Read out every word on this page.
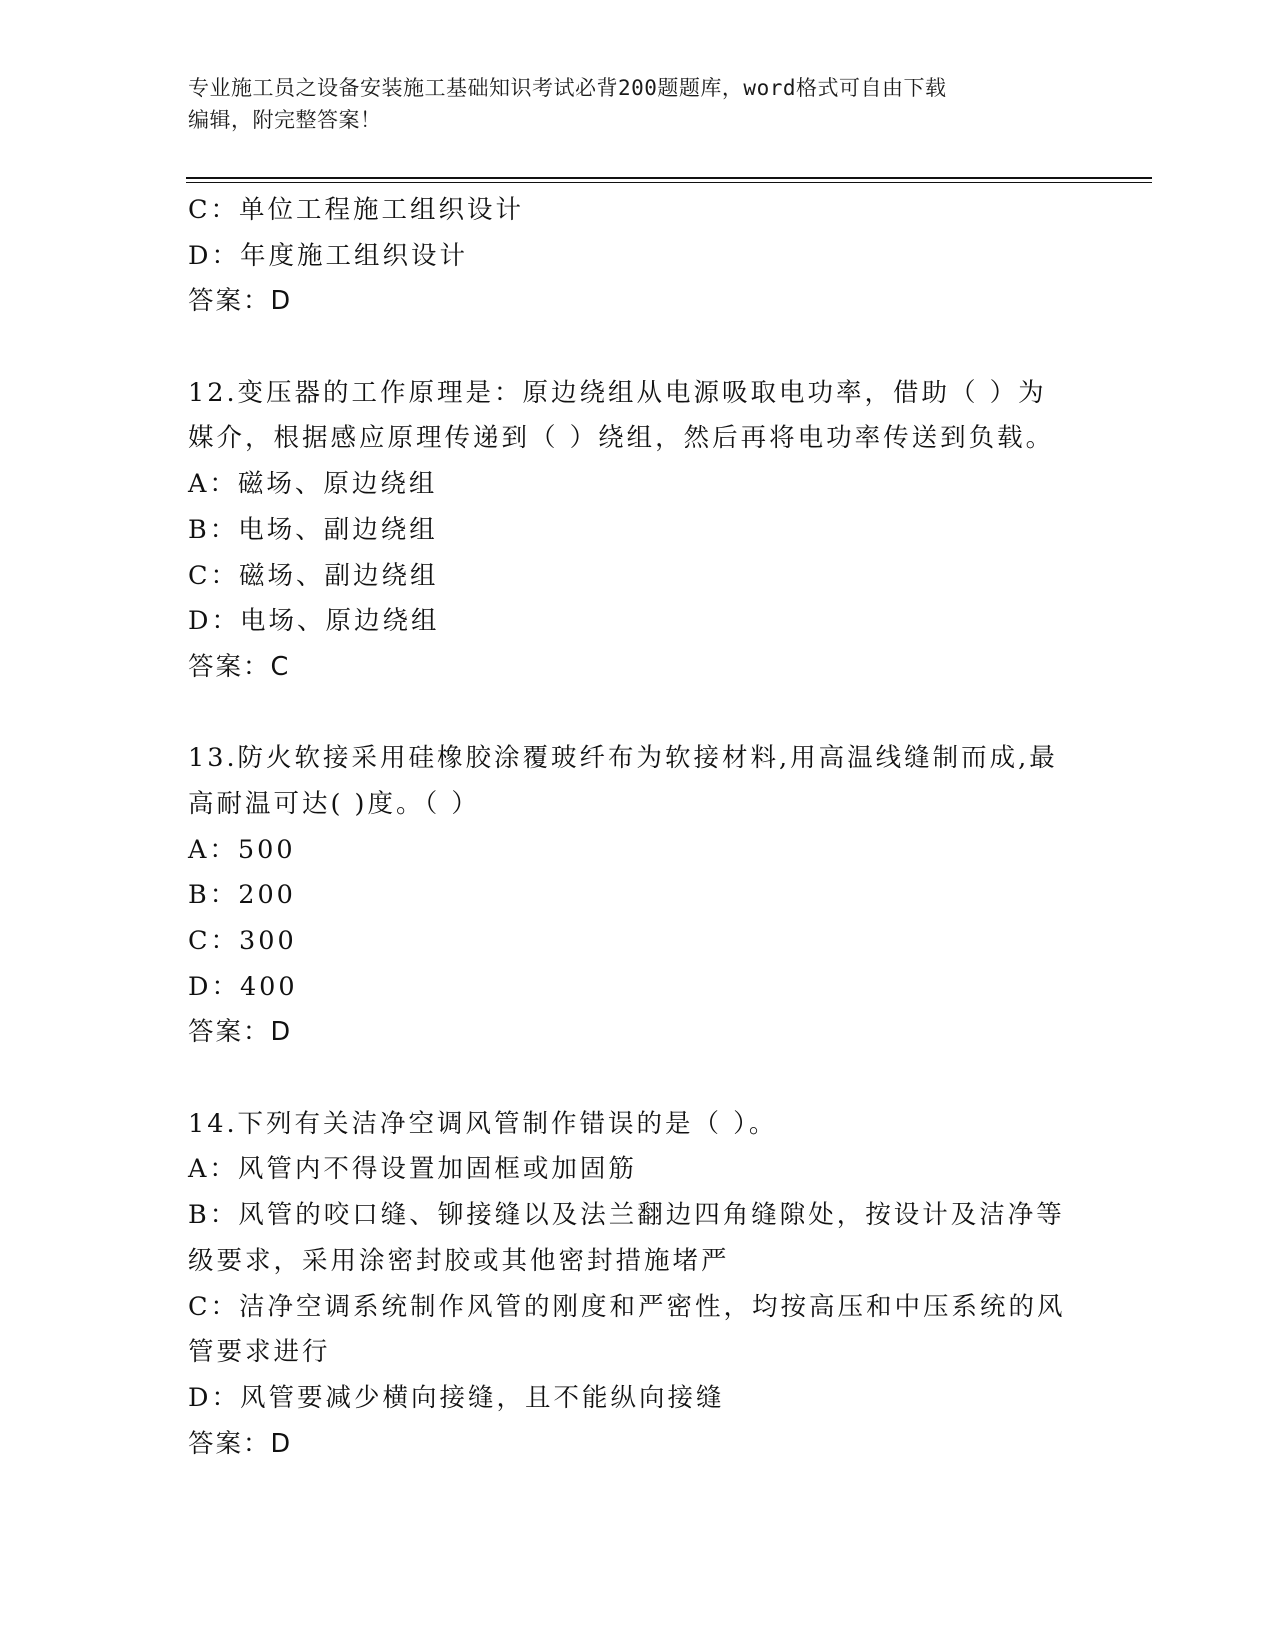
专业施工员之设备安装施工基础知识考试必背200题题库，word格式可自由下载
编辑，附完整答案！
C：单位工程施工组织设计
D：年度施工组织设计
答案：D
12.变压器的工作原理是：原边绕组从电源吸取电功率，借助（ ）为
媒介，根据感应原理传递到（ ）绕组，然后再将电功率传送到负载。
A：磁场、原边绕组
B：电场、副边绕组
C：磁场、副边绕组
D：电场、原边绕组
答案：C
13.防火软接采用硅橡胶涂覆玻纤布为软接材料,用高温线缝制而成,最
高耐温可达( )度。（ ）
A：500
B：200
C：300
D：400
答案：D
14.下列有关洁净空调风管制作错误的是（ ）。
A：风管内不得设置加固框或加固筋
B：风管的咬口缝、铆接缝以及法兰翻边四角缝隙处，按设计及洁净等
级要求，采用涂密封胶或其他密封措施堵严
C：洁净空调系统制作风管的刚度和严密性，均按高压和中压系统的风
管要求进行
D：风管要减少横向接缝，且不能纵向接缝
答案：D
